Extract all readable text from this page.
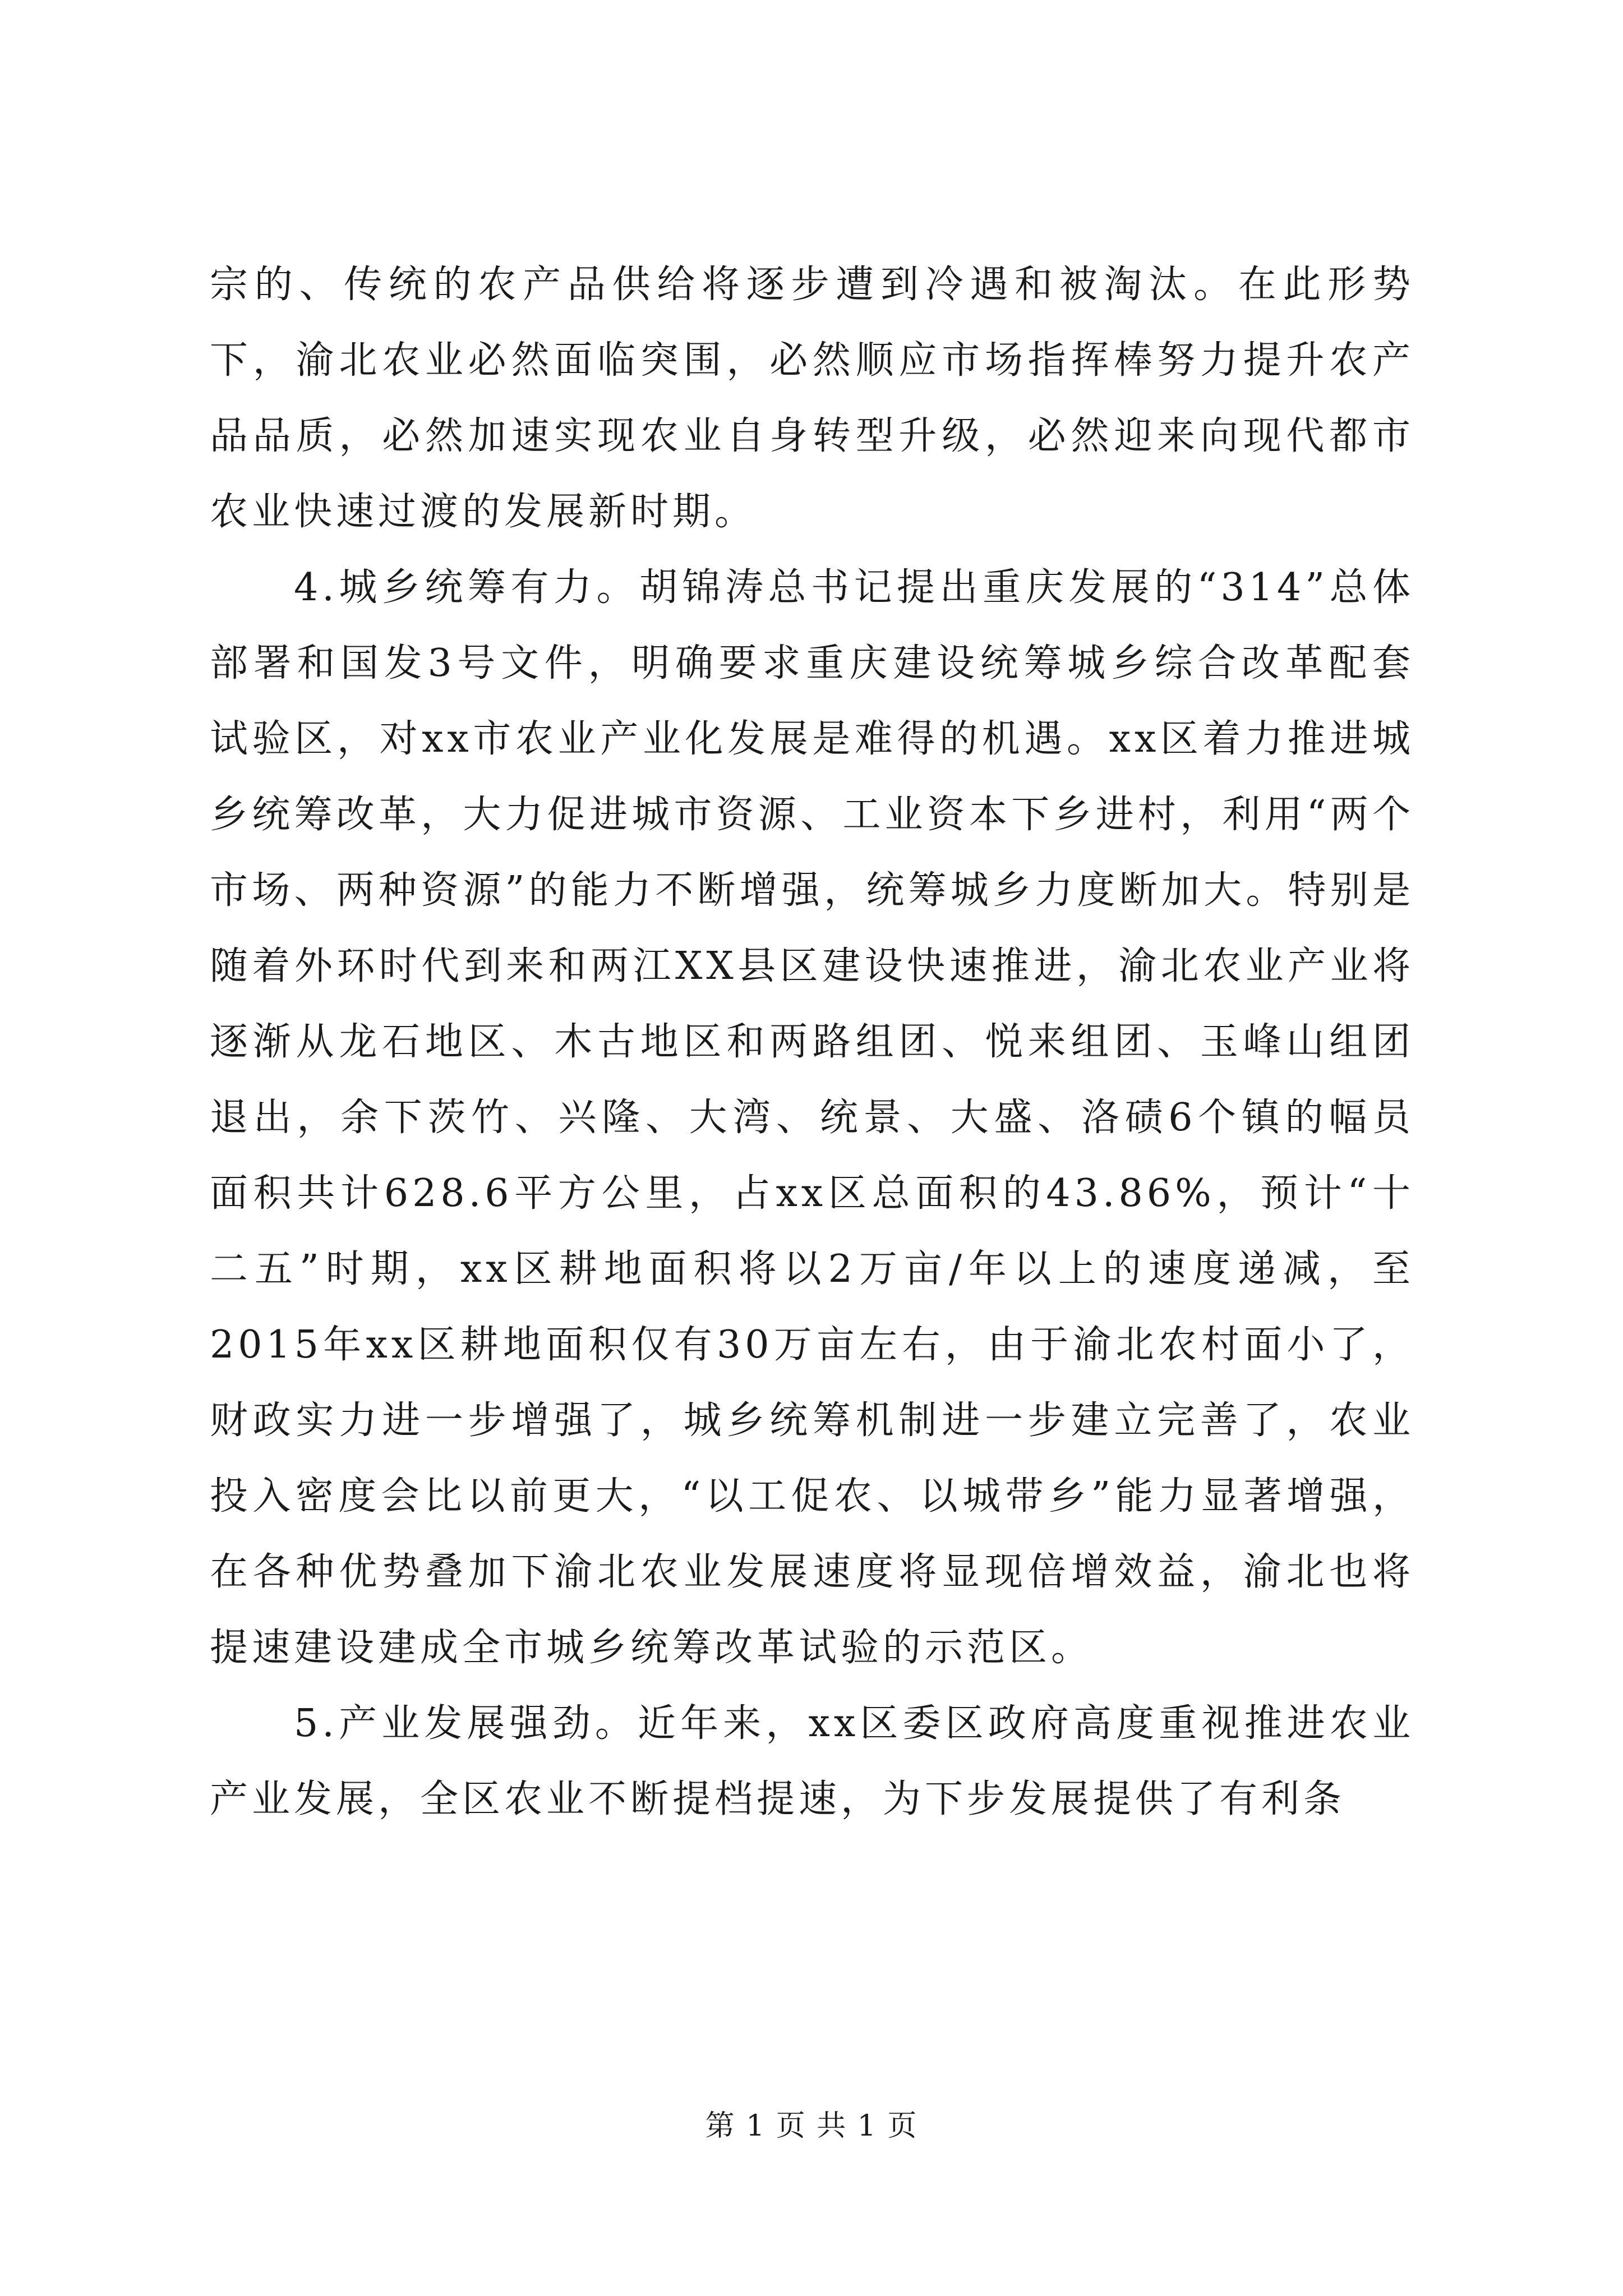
宗的、传统的农产品供给将逐步遭到冷遇和被淘汰。在此形势下，渝北农业必然面临突围，必然顺应市场指挥棒努力提升农产品品质，必然加速实现农业自身转型升级，必然迎来向现代都市农业快速过渡的发展新时期。

4.城乡统筹有力。胡锦涛总书记提出重庆发展的“314”总体部署和国发3号文件，明确要求重庆建设统筹城乡综合改革配套试验区，对xx市农业产业化发展是难得的机遇。xx区着力推进城乡统筹改革，大力促进城市资源、工业资本下乡进村，利用“两个市场、两种资源”的能力不断增强，统筹城乡力度断加大。特别是随着外环时代到来和两江XX县区建设快速推进，渝北农业产业将逐渐从龙石地区、木古地区和两路组团、悦来组团、玉峰山组团退出，余下茨竹、兴隆、大湾、统景、大盛、洛碛6个镇的幅员面积共计628.6平方公里，占xx区总面积的43.86%，预计“十二五”时期，xx区耕地面积将以2万亩/年以上的速度递减，至2015年xx区耕地面积仅有30万亩左右，由于渝北农村面小了，财政实力进一步增强了，城乡统筹机制进一步建立完善了，农业投入密度会比以前更大，“以工促农、以城带乡”能力显著增强，在各种优势叠加下渝北农业发展速度将显现倍增效益，渝北也将提速建设建成全市城乡统筹改革试验的示范区。

5.产业发展强劲。近年来，xx区委区政府高度重视推进农业产业发展，全区农业不断提档提速，为下步发展提供了有利条

第 1 页 共 1 页
